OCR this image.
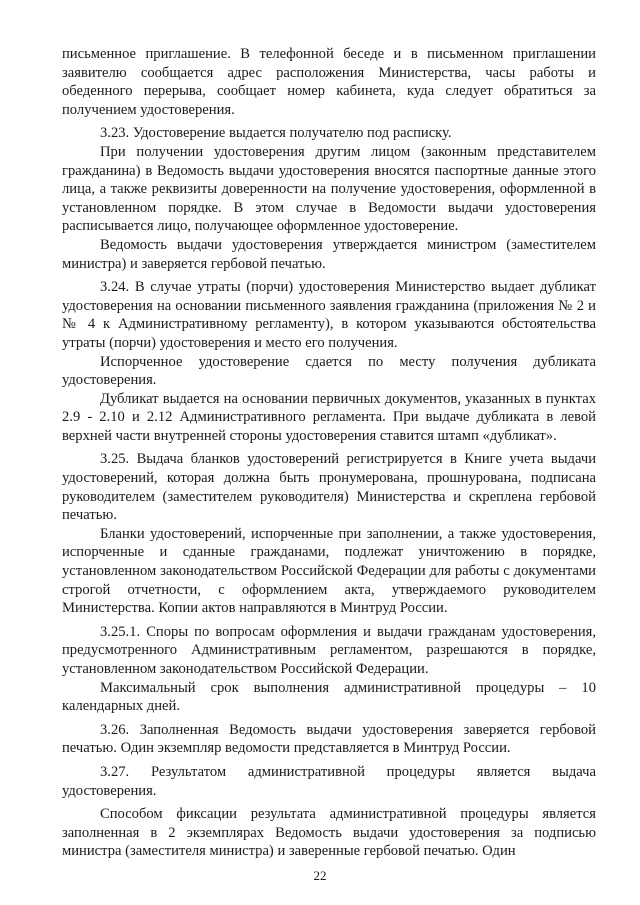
письменное приглашение. В телефонной беседе и в письменном приглашении заявителю сообщается адрес расположения Министерства, часы работы и обеденного перерыва, сообщает номер кабинета, куда следует обратиться за получением удостоверения.

3.23. Удостоверение выдается получателю под расписку.

При получении удостоверения другим лицом (законным представителем гражданина) в Ведомость выдачи удостоверения вносятся паспортные данные этого лица, а также реквизиты доверенности на получение удостоверения, оформленной в установленном порядке. В этом случае в Ведомости выдачи удостоверения расписывается лицо, получающее оформленное удостоверение.

Ведомость выдачи удостоверения утверждается министром (заместителем министра) и заверяется гербовой печатью.

3.24. В случае утраты (порчи) удостоверения Министерство выдает дубликат удостоверения на основании письменного заявления гражданина (приложения № 2 и № 4 к Административному регламенту), в котором указываются обстоятельства утраты (порчи) удостоверения и место его получения.

Испорченное удостоверение сдается по месту получения дубликата удостоверения.

Дубликат выдается на основании первичных документов, указанных в пунктах 2.9 - 2.10 и 2.12 Административного регламента. При выдаче дубликата в левой верхней части внутренней стороны удостоверения ставится штамп «дубликат».

3.25. Выдача бланков удостоверений регистрируется в Книге учета выдачи удостоверений, которая должна быть пронумерована, прошнурована, подписана руководителем (заместителем руководителя) Министерства и скреплена гербовой печатью.

Бланки удостоверений, испорченные при заполнении, а также удостоверения, испорченные и сданные гражданами, подлежат уничтожению в порядке, установленном законодательством Российской Федерации для работы с документами строгой отчетности, с оформлением акта, утверждаемого руководителем Министерства. Копии актов направляются в Минтруд России.

3.25.1. Споры по вопросам оформления и выдачи гражданам удостоверения, предусмотренного Административным регламентом, разрешаются в порядке, установленном законодательством Российской Федерации.

Максимальный срок выполнения административной процедуры – 10 календарных дней.

3.26. Заполненная Ведомость выдачи удостоверения заверяется гербовой печатью. Один экземпляр ведомости представляется в Минтруд России.

3.27. Результатом административной процедуры является выдача удостоверения.

Способом фиксации результата административной процедуры является заполненная в 2 экземплярах Ведомость выдачи удостоверения за подписью министра (заместителя министра) и заверенные гербовой печатью. Один

22
